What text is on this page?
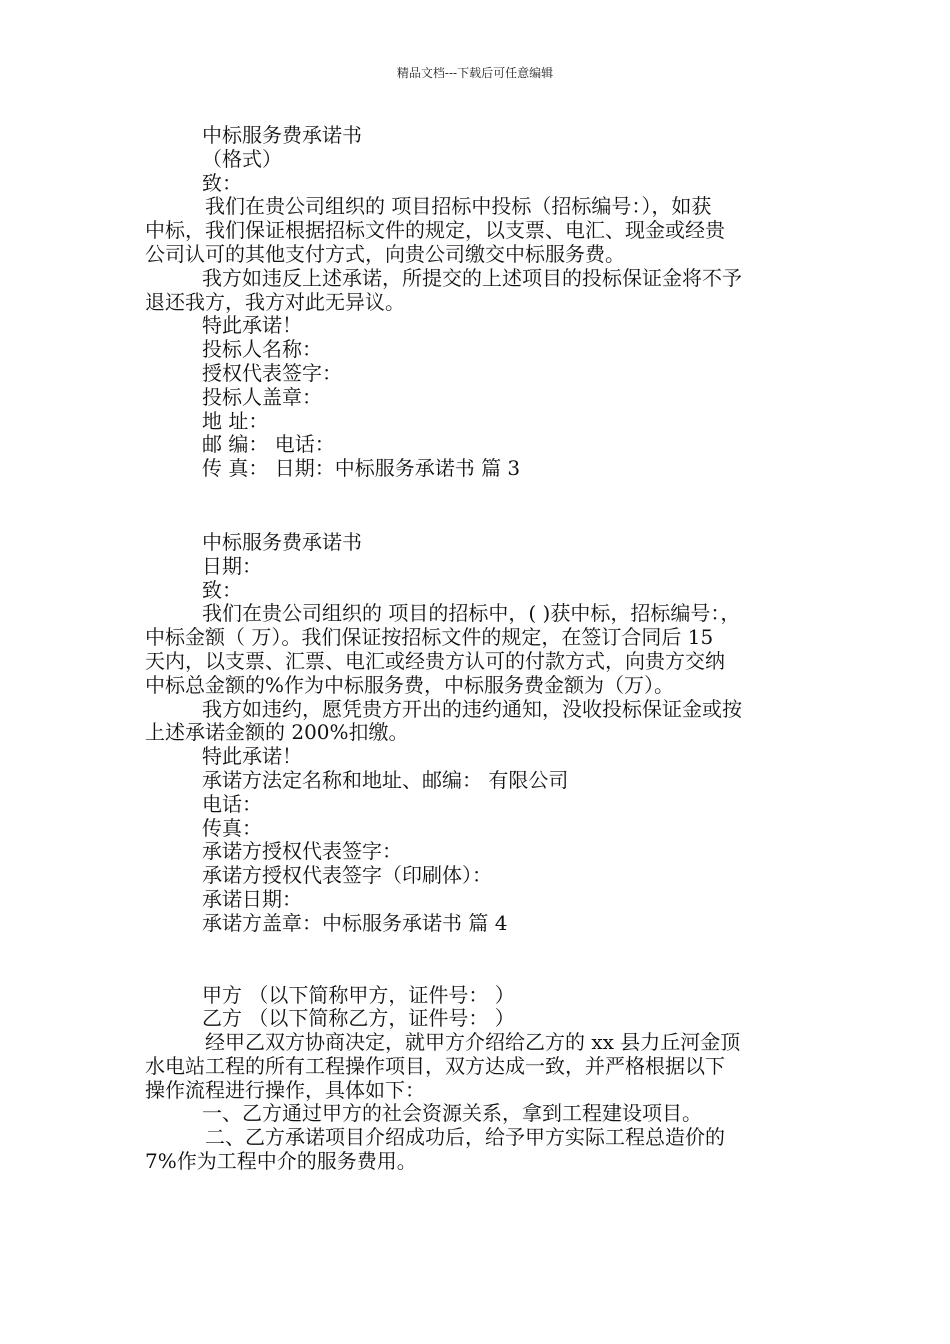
精品文档---下载后可任意编辑
中标服务费承诺书
（格式）
致：
我们在贵公司组织的 项目招标中投标（招标编号：），如获
中标，我们保证根据招标文件的规定，以支票、电汇、现金或经贵
公司认可的其他支付方式，向贵公司缴交中标服务费。
我方如违反上述承诺，所提交的上述项目的投标保证金将不予
退还我方，我方对此无异议。
特此承诺！
投标人名称：
授权代表签字：
投标人盖章：
地 址：
邮 编： 电话：
传 真： 日期：中标服务承诺书 篇 3
中标服务费承诺书
日期：
致：
我们在贵公司组织的 项目的招标中，( )获中标，招标编号：，
中标金额（ 万）。我们保证按招标文件的规定，在签订合同后 15
天内，以支票、汇票、电汇或经贵方认可的付款方式，向贵方交纳
中标总金额的%作为中标服务费，中标服务费金额为（万）。
我方如违约，愿凭贵方开出的违约通知，没收投标保证金或按
上述承诺金额的 200%扣缴。
特此承诺！
承诺方法定名称和地址、邮编： 有限公司
电话：
传真：
承诺方授权代表签字：
承诺方授权代表签字（印刷体）：
承诺日期：
承诺方盖章：中标服务承诺书 篇 4
甲方 （以下简称甲方，证件号： ）
乙方 （以下简称乙方，证件号： ）
经甲乙双方协商决定，就甲方介绍给乙方的 xx 县力丘河金顶
水电站工程的所有工程操作项目，双方达成一致，并严格根据以下
操作流程进行操作，具体如下：
一、乙方通过甲方的社会资源关系，拿到工程建设项目。
二、乙方承诺项目介绍成功后，给予甲方实际工程总造价的
7%作为工程中介的服务费用。
